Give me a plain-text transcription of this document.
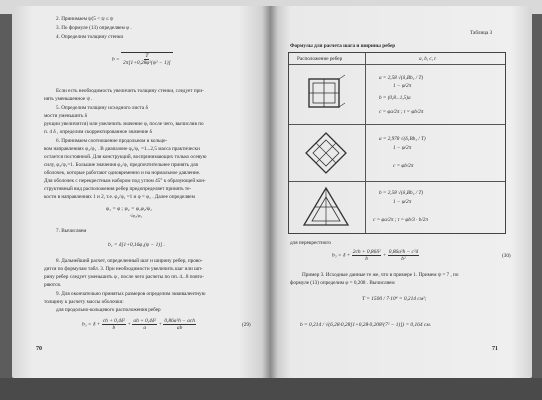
2. Принимаем ψ(5 < ψ ≤ ψ
3. По формуле (13) определяем φ .
4. Определим толщину стенки
$b = \frac{T}{\text{2π[1+0,28φ²(ψ² − 1)]}}$
Если есть необходимость увеличить толщину стенки, следует при-
нять уменьшенное ψ .
5. Определим толщину исходного листа δ
мости уменьшить δ
рукции увеличится) или увеличить значение φ, после чего, вычислив по
п. 4 δ , определим скорректированное значение δ
6. Принимаем соотношение продольном и кольце-
вом направлениях φ₂/φ₁ . В диапазоне φ₂/φ₁ =1...2,5 масса практически
остается постоянной. Для конструкций, воспринимающих только осевую
силу, φ₂/φ₁=1. Большие значения φ₂/φ₁ предпочтительнее принять для
оболочек, которые работают одновременно и на нормальное давление.
Для оболочек с перекрестным набором под углом 45° к образующей кон-
структивный вид расположения ребер предопределяет принять те-
кости в направлениях 1 и 2, т.е. φ₂/φ₁ =1 и φ = φ₁ . Далее определяем
φ₁ = φ ; φ₂ = φ₁φ₂/φ₁
√φ₂/φ₁
7. Вычисляем
b₁ = δ[1+0,16φ₁(ψ − 1)] .
8. Дальнейший расчет, определенный шаг и ширину ребер, прово-
дится по формулам табл. 3. При необходимости увеличить шаг или шп-
рину ребер следует уменьшить φ , после чего расчеты по пп. 4...8 повто-
ряются.
9. Для окончательно принятых размеров определим эквивалентную
толщину к расчету массы оболочки:
для продольно-кольцевого расположения ребер
$b_3 = \delta + \frac{\text{ch + 0,4δ²}}{b} + \frac{\text{ah + 0,4δ²}}{a} + \frac{\text{0,86a²h − ach}}{ab}$	(29)
70
Таблица 3
Формулы для расчета шага и ширины ребер
Расположение ребер	a, b, c, t
a = 2,58 √(δ₁Bb₃ / T)
1 − φ/2π
b = (0,8...1,5)a
c = φa/2π ; t = φb/2π
a = 2,978 √(δ₁Bb₃ / T)
1 − φ/2π
c = φb/2π
b = 2,58 √(δ₁Bb₃ / T)
1 − φ/2π
c = φa/2π ; t = φb/3 · b/2π
для перекрестного
$b_3 = \delta + \frac{\text{2ch + 0,86δ²}}{b} + \frac{\text{0,86a²h − c²δ}}{\text{b²}}$	(30)
Пример 3. Исходные данные те же, что в примере 1. Примем ψ = 7 , по
формуле (13) определим φ = 0,208 . Вычисляем
T = 1500 / 7·10⁴ = 0,214 см²;
b = 0,214 / √(6,28·0,28[1+0,28·0,208²(7² − 1)]) = 0,164 см.
71
